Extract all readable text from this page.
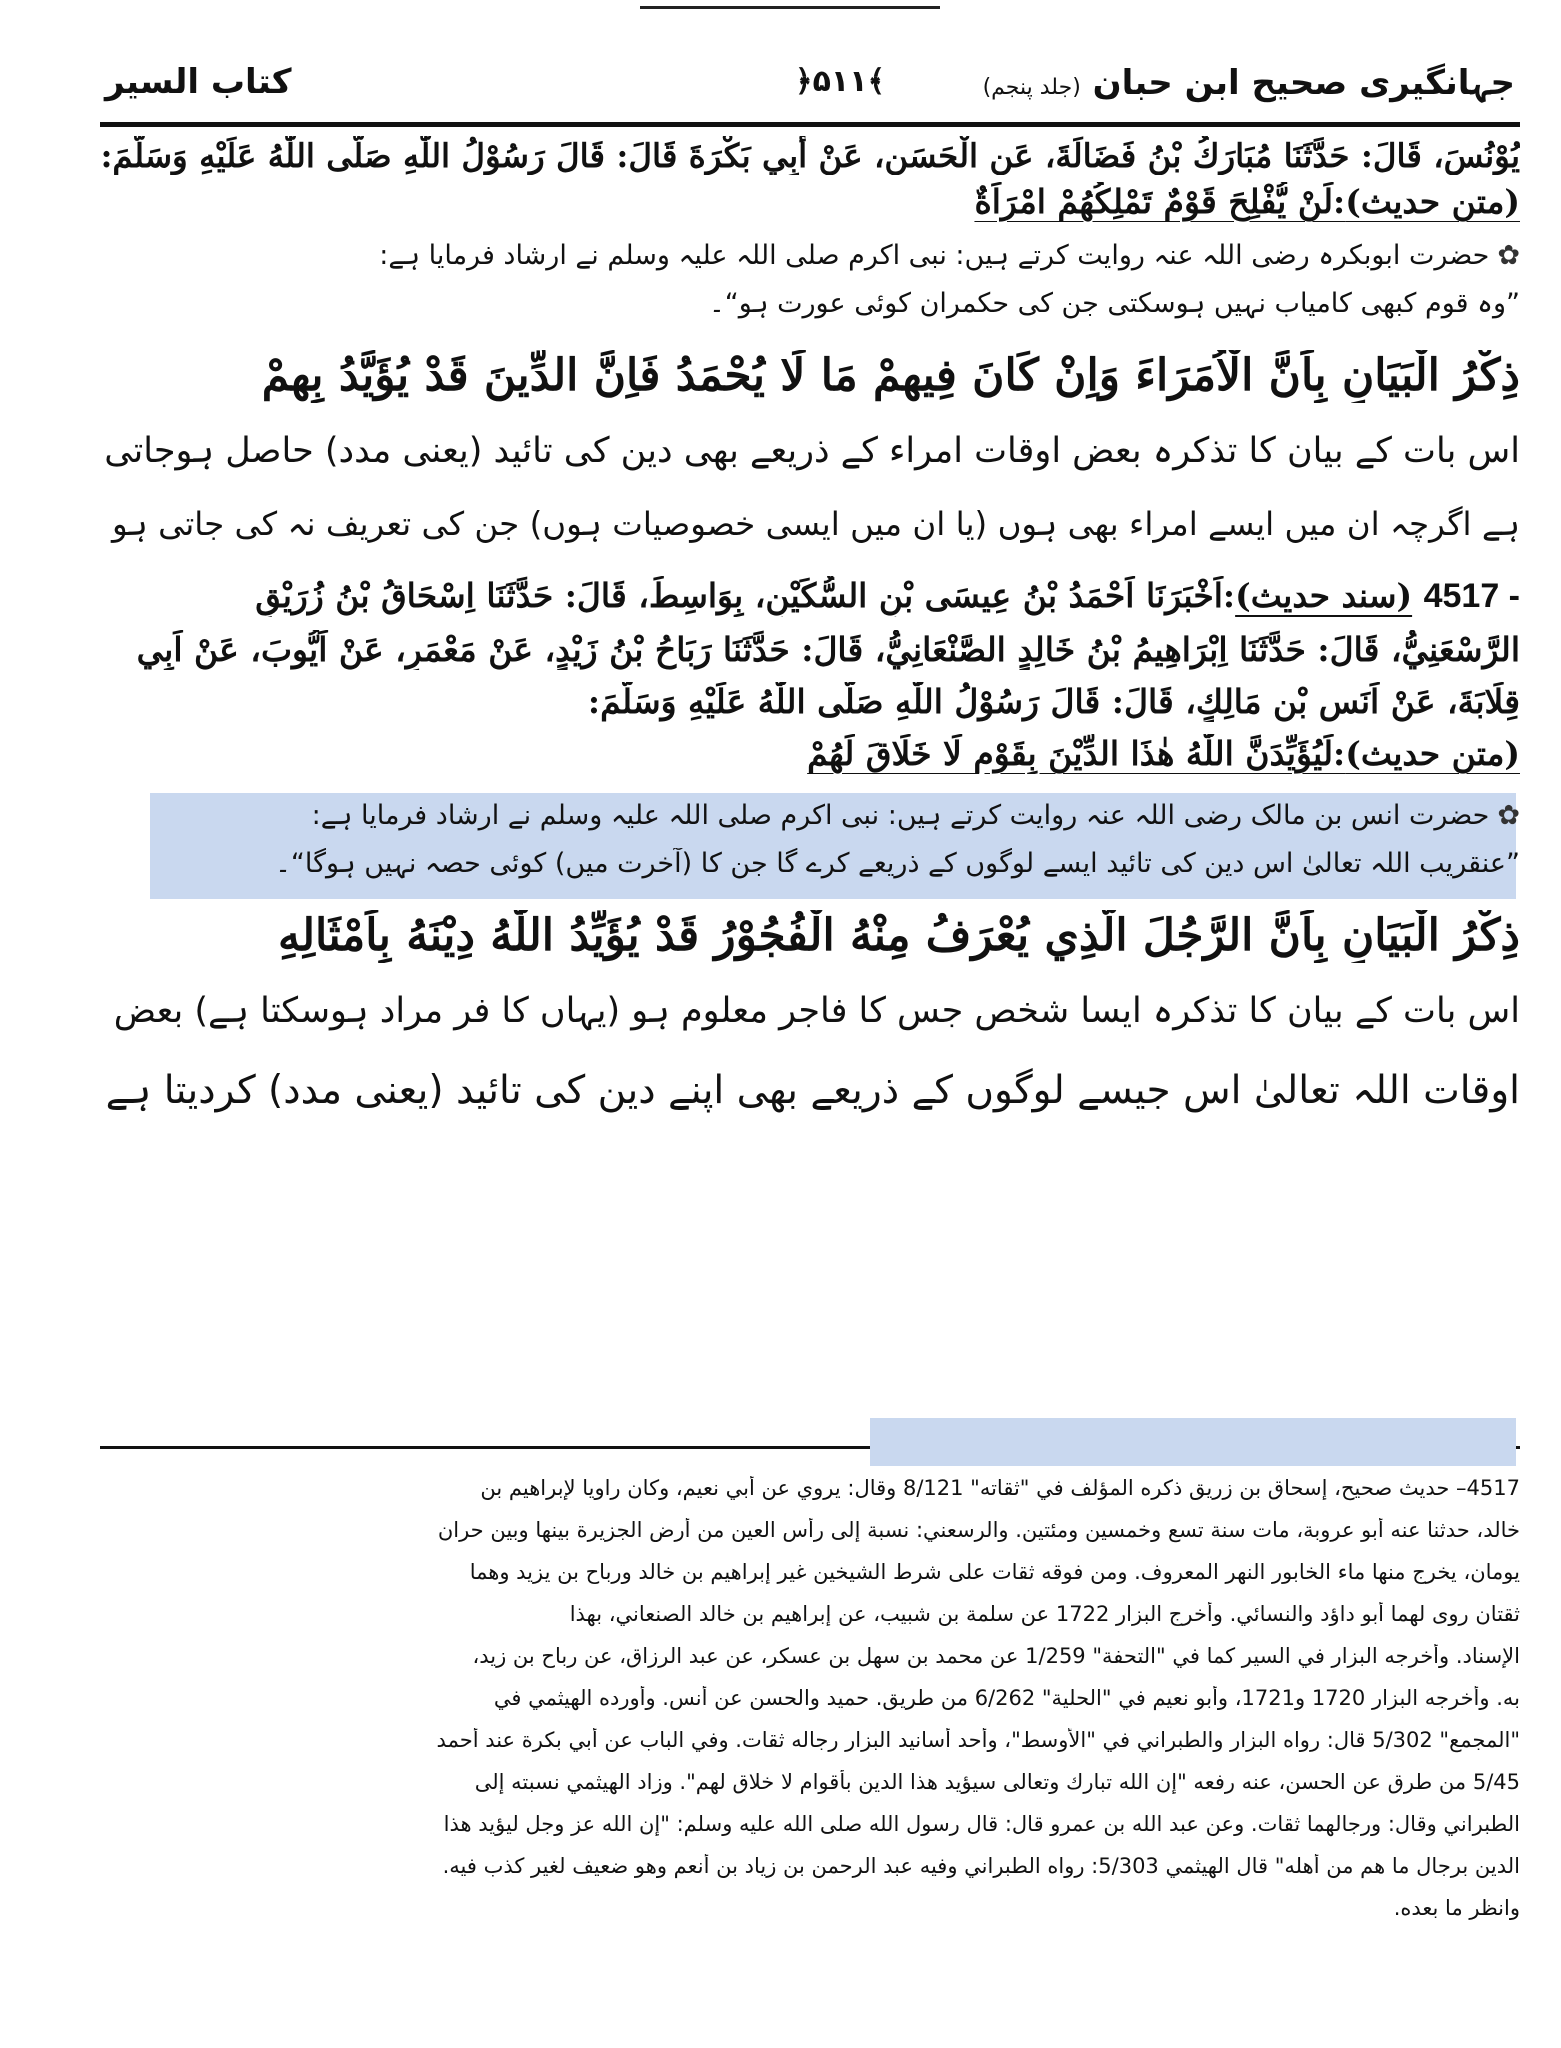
جہانگیری صحیح ابن حبان (جلد پنجم)
﴿۵۱۱﴾
کتاب السیر
یُوْنُسَ، قَالَ: حَدَّثَنَا مُبَارَكُ بْنُ فَضَالَةَ، عَنِ الْحَسَنِ، عَنْ أَبِي بَكْرَةَ قَالَ: قَالَ رَسُوْلُ اللّٰهِ صَلَّى اللّٰهُ عَلَيْهِ وَسَلَّمَ:
(متن حدیث):لَنْ يُّفْلِحَ قَوْمٌ تَمْلِكُهُمْ امْرَاَةٌ
✿حضرت ابوبکرہ رضی اللہ عنہ روایت کرتے ہیں: نبی اکرم صلی اللہ علیہ وسلم نے ارشاد فرمایا ہے:
”وہ قوم کبھی کامیاب نہیں ہوسکتی جن کی حکمران کوئی عورت ہو“۔
ذِكْرُ الْبَيَانِ بِاَنَّ الْاُمَرَاءَ وَاِنْ كَانَ فِيهِمْ مَا لَا يُحْمَدُ فَاِنَّ الدِّينَ قَدْ يُؤَيَّدُ بِهِمْ
اس بات کے بیان کا تذکرہ بعض اوقات امراء کے ذریعے بھی دین کی تائید (یعنی مدد) حاصل ہوجاتی
ہے اگرچہ ان میں ایسے امراء بھی ہوں (یا ان میں ایسی خصوصیات ہوں) جن کی تعریف نہ کی جاتی ہو
4517 - (سند حدیث):اَخْبَرَنَا اَحْمَدُ بْنُ عِيسَى بْنِ السُّكَيْنِ، بِوَاسِطَ، قَالَ: حَدَّثَنَا اِسْحَاقُ بْنُ زُرَيْقٍ
الرَّسْعَنِيُّ، قَالَ: حَدَّثَنَا اِبْرَاهِيمُ بْنُ خَالِدٍ الصَّنْعَانِيُّ، قَالَ: حَدَّثَنَا رَبَاحُ بْنُ زَيْدٍ، عَنْ مَعْمَرٍ، عَنْ اَيُّوبَ، عَنْ اَبِي
قِلَابَةَ، عَنْ اَنَسِ بْنِ مَالِكٍ، قَالَ: قَالَ رَسُوْلُ اللّٰهِ صَلَّى اللّٰهُ عَلَيْهِ وَسَلَّمَ:
(متن حدیث):لَيُؤَيِّدَنَّ اللّٰهُ هٰذَا الدِّيْنَ بِقَوْمٍ لَا خَلَاقَ لَهُمْ
✿حضرت انس بن مالک رضی اللہ عنہ روایت کرتے ہیں: نبی اکرم صلی اللہ علیہ وسلم نے ارشاد فرمایا ہے:
”عنقریب اللہ تعالیٰ اس دین کی تائید ایسے لوگوں کے ذریعے کرے گا جن کا (آخرت میں) کوئی حصہ نہیں ہوگا“۔
ذِكْرُ الْبَيَانِ بِاَنَّ الرَّجُلَ الَّذِي يُعْرَفُ مِنْهُ الْفُجُوْرُ قَدْ يُؤَيِّدُ اللّٰهُ دِيْنَهُ بِاَمْثَالِهِ
اس بات کے بیان کا تذکرہ ایسا شخص جس کا فاجر معلوم ہو (یہاں کا فر مراد ہوسکتا ہے) بعض
اوقات اللہ تعالیٰ اس جیسے لوگوں کے ذریعے بھی اپنے دین کی تائید (یعنی مدد) کردیتا ہے
4517– حديث صحيح، إسحاق بن زريق ذكره المؤلف في "ثقاته" 8/121 وقال: يروي عن أبي نعيم، وكان راويا لإبراهيم بن
خالد، حدثنا عنه أبو عروبة، مات سنة تسع وخمسين ومئتين. والرسعني: نسبة إلى رأس العين من أرض الجزيرة بينها وبين حران
يومان، يخرج منها ماء الخابور النهر المعروف. ومن فوقه ثقات على شرط الشيخين غير إبراهيم بن خالد ورباح بن يزيد وهما
ثقتان روى لهما أبو داؤد والنسائي. وأخرج البزار 1722 عن سلمة بن شبيب، عن إبراهيم بن خالد الصنعاني، بهذا
الإسناد. وأخرجه البزار في السير كما في "التحفة" 1/259 عن محمد بن سهل بن عسكر، عن عبد الرزاق، عن رباح بن زيد،
به. وأخرجه البزار 1720 و1721، وأبو نعيم في "الحلية" 6/262 من طريق. حميد والحسن عن أنس. وأورده الهيثمي في
"المجمع" 5/302 قال: رواه البزار والطبراني في "الأوسط"، وأحد أسانيد البزار رجاله ثقات. وفي الباب عن أبي بكرة عند أحمد
5/45 من طرق عن الحسن، عنه رفعه "إن الله تبارك وتعالى سيؤيد هذا الدين بأقوام لا خلاق لهم". وزاد الهيثمي نسبته إلى
الطبراني وقال: ورجالهما ثقات. وعن عبد الله بن عمرو قال: قال رسول الله صلى الله عليه وسلم: "إن الله عز وجل ليؤيد هذا
الدين برجال ما هم من أهله" قال الهيثمي 5/303: رواه الطبراني وفيه عبد الرحمن بن زياد بن أنعم وهو ضعيف لغير كذب فيه.
وانظر ما بعده.
